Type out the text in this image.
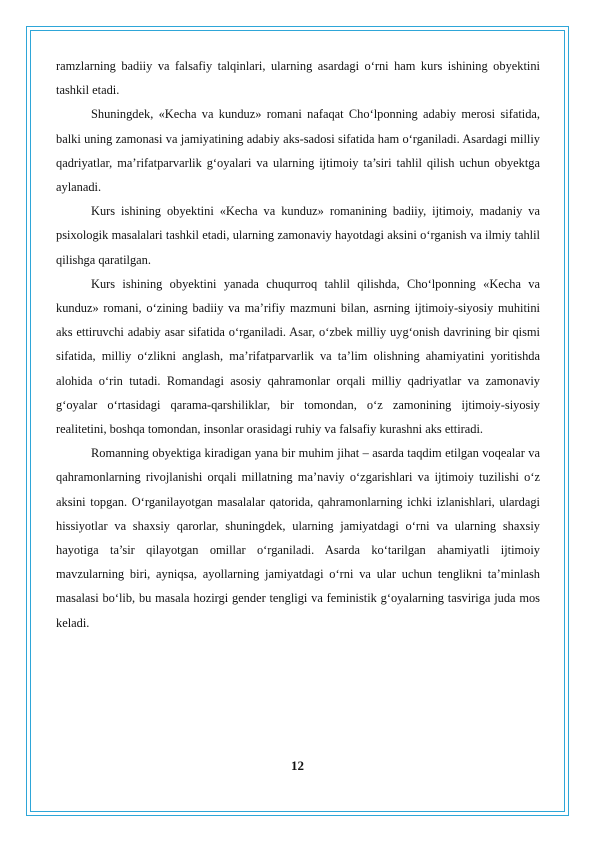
ramzlarning badiiy va falsafiy talqinlari, ularning asardagi o‘rni ham kurs ishining obyektini tashkil etadi.

Shuningdek, «Kecha va kunduz» romani nafaqat Cho‘lponning adabiy merosi sifatida, balki uning zamonasi va jamiyatining adabiy aks-sadosi sifatida ham o‘rganiladi. Asardagi milliy qadriyatlar, ma’rifatparvarlik g‘oyalari va ularning ijtimoiy ta’siri tahlil qilish uchun obyektga aylanadi.

Kurs ishining obyektini «Kecha va kunduz» romanining badiiy, ijtimoiy, madaniy va psixologik masalalari tashkil etadi, ularning zamonaviy hayotdagi aksini o‘rganish va ilmiy tahlil qilishga qaratilgan.

Kurs ishining obyektini yanada chuqurroq tahlil qilishda, Cho‘lponning «Kecha va kunduz» romani, o‘zining badiiy va ma’rifiy mazmuni bilan, asrning ijtimoiy-siyosiy muhitini aks ettiruvchi adabiy asar sifatida o‘rganiladi. Asar, o‘zbek milliy uyg‘onish davrining bir qismi sifatida, milliy o‘zlikni anglash, ma’rifatparvarlik va ta’lim olishning ahamiyatini yoritishda alohida o‘rin tutadi. Romandagi asosiy qahramonlar orqali milliy qadriyatlar va zamonaviy g‘oyalar o‘rtasidagi qarama-qarshiliklar, bir tomondan, o‘z zamonining ijtimoiy-siyosiy realitetini, boshqa tomondan, insonlar orasidagi ruhiy va falsafiy kurashni aks ettiradi.

Romanning obyektiga kiradigan yana bir muhim jihat – asarda taqdim etilgan voqealar va qahramonlarning rivojlanishi orqali millatning ma’naviy o‘zgarishlari va ijtimoiy tuzilishi o‘z aksini topgan. O‘rganilayotgan masalalar qatorida, qahramonlarning ichki izlanishlari, ulardagi hissiyotlar va shaxsiy qarorlar, shuningdek, ularning jamiyatdagi o‘rni va ularning shaxsiy hayotiga ta’sir qilayotgan omillar o‘rganiladi. Asarda ko‘tarilgan ahamiyatli ijtimoiy mavzularning biri, ayniqsa, ayollarning jamiyatdagi o‘rni va ular uchun tenglikni ta’minlash masalasi bo‘lib, bu masala hozirgi gender tengligi va feministik g‘oyalarning tasviriga juda mos keladi.

12
